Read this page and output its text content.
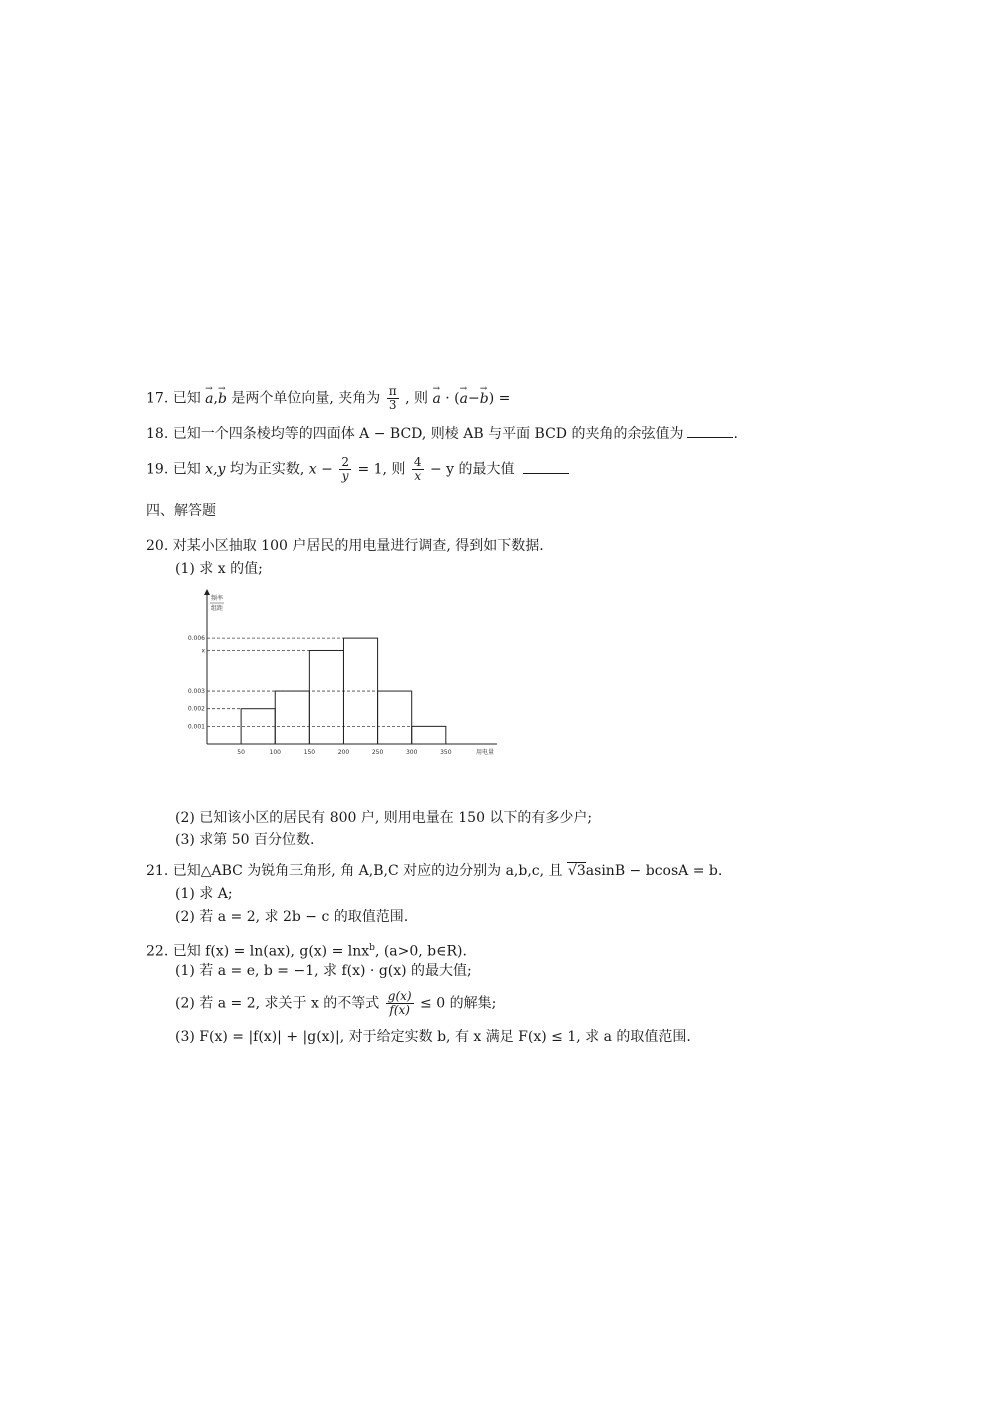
17. 已知 → a,→ b 是两个单位向量, 夹角为 $\frac{\pi}{3}$ , 则 → a · (→ a−→ b) =
18. 已知一个四条棱均等的四面体 A − BCD, 则棱 AB 与平面 BCD 的夹角的余弦值为	.
19. 已知 x,y 均为正实数, $x - \frac{2}{y} = 1$, 则 $\frac{4}{x} - y$ 的最大值
四、解答题
20. 对某小区抽取 100 户居民的用电量进行调查, 得到如下数据.
(1) 求 x 的值;
频率
组距
0.006
x
0.003
0.002
0.001
50	100	150	200	250	300	350	用电量
(2) 已知该小区的居民有 800 户, 则用电量在 150 以下的有多少户;
(3) 求第 50 百分位数.
21. 已知△ABC 为锐角三角形, 角 A,B,C 对应的边分别为 a,b,c, 且 √3asinB − bcosA = b.
(1) 求 A;
(2) 若 a = 2, 求 2b − c 的取值范围.
22. 已知 f(x) = ln(ax), g(x) = lnx$^b$, (a>0, b∈R).
(1) 若 a = e, b = −1, 求 f(x) · g(x) 的最大值;
(2) 若 a = 2, 求关于 x 的不等式 $\frac{g(x)}{f(x)} \le 0$ 的解集;
(3) F(x) = |f(x)| + |g(x)|, 对于给定实数 b, 有 x 满足 F(x) ≤ 1, 求 a 的取值范围.
